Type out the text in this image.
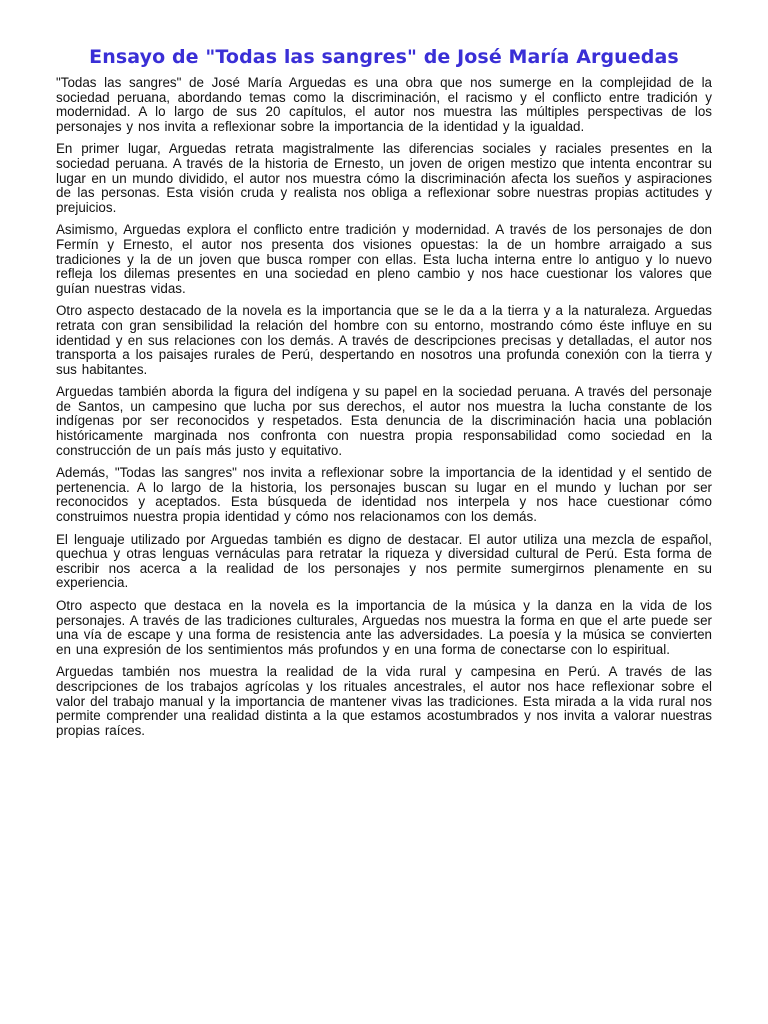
Ensayo de "Todas las sangres" de José María Arguedas

"Todas las sangres" de José María Arguedas es una obra que nos sumerge en la complejidad de la sociedad peruana, abordando temas como la discriminación, el racismo y el conflicto entre tradición y modernidad. A lo largo de sus 20 capítulos, el autor nos muestra las múltiples perspectivas de los personajes y nos invita a reflexionar sobre la importancia de la identidad y la igualdad.

En primer lugar, Arguedas retrata magistralmente las diferencias sociales y raciales presentes en la sociedad peruana. A través de la historia de Ernesto, un joven de origen mestizo que intenta encontrar su lugar en un mundo dividido, el autor nos muestra cómo la discriminación afecta los sueños y aspiraciones de las personas. Esta visión cruda y realista nos obliga a reflexionar sobre nuestras propias actitudes y prejuicios.

Asimismo, Arguedas explora el conflicto entre tradición y modernidad. A través de los personajes de don Fermín y Ernesto, el autor nos presenta dos visiones opuestas: la de un hombre arraigado a sus tradiciones y la de un joven que busca romper con ellas. Esta lucha interna entre lo antiguo y lo nuevo refleja los dilemas presentes en una sociedad en pleno cambio y nos hace cuestionar los valores que guían nuestras vidas.

Otro aspecto destacado de la novela es la importancia que se le da a la tierra y a la naturaleza. Arguedas retrata con gran sensibilidad la relación del hombre con su entorno, mostrando cómo éste influye en su identidad y en sus relaciones con los demás. A través de descripciones precisas y detalladas, el autor nos transporta a los paisajes rurales de Perú, despertando en nosotros una profunda conexión con la tierra y sus habitantes.

Arguedas también aborda la figura del indígena y su papel en la sociedad peruana. A través del personaje de Santos, un campesino que lucha por sus derechos, el autor nos muestra la lucha constante de los indígenas por ser reconocidos y respetados. Esta denuncia de la discriminación hacia una población históricamente marginada nos confronta con nuestra propia responsabilidad como sociedad en la construcción de un país más justo y equitativo.

Además, "Todas las sangres" nos invita a reflexionar sobre la importancia de la identidad y el sentido de pertenencia. A lo largo de la historia, los personajes buscan su lugar en el mundo y luchan por ser reconocidos y aceptados. Esta búsqueda de identidad nos interpela y nos hace cuestionar cómo construimos nuestra propia identidad y cómo nos relacionamos con los demás.

El lenguaje utilizado por Arguedas también es digno de destacar. El autor utiliza una mezcla de español, quechua y otras lenguas vernáculas para retratar la riqueza y diversidad cultural de Perú. Esta forma de escribir nos acerca a la realidad de los personajes y nos permite sumergirnos plenamente en su experiencia.

Otro aspecto que destaca en la novela es la importancia de la música y la danza en la vida de los personajes. A través de las tradiciones culturales, Arguedas nos muestra la forma en que el arte puede ser una vía de escape y una forma de resistencia ante las adversidades. La poesía y la música se convierten en una expresión de los sentimientos más profundos y en una forma de conectarse con lo espiritual.

Arguedas también nos muestra la realidad de la vida rural y campesina en Perú. A través de las descripciones de los trabajos agrícolas y los rituales ancestrales, el autor nos hace reflexionar sobre el valor del trabajo manual y la importancia de mantener vivas las tradiciones. Esta mirada a la vida rural nos permite comprender una realidad distinta a la que estamos acostumbrados y nos invita a valorar nuestras propias raíces.
